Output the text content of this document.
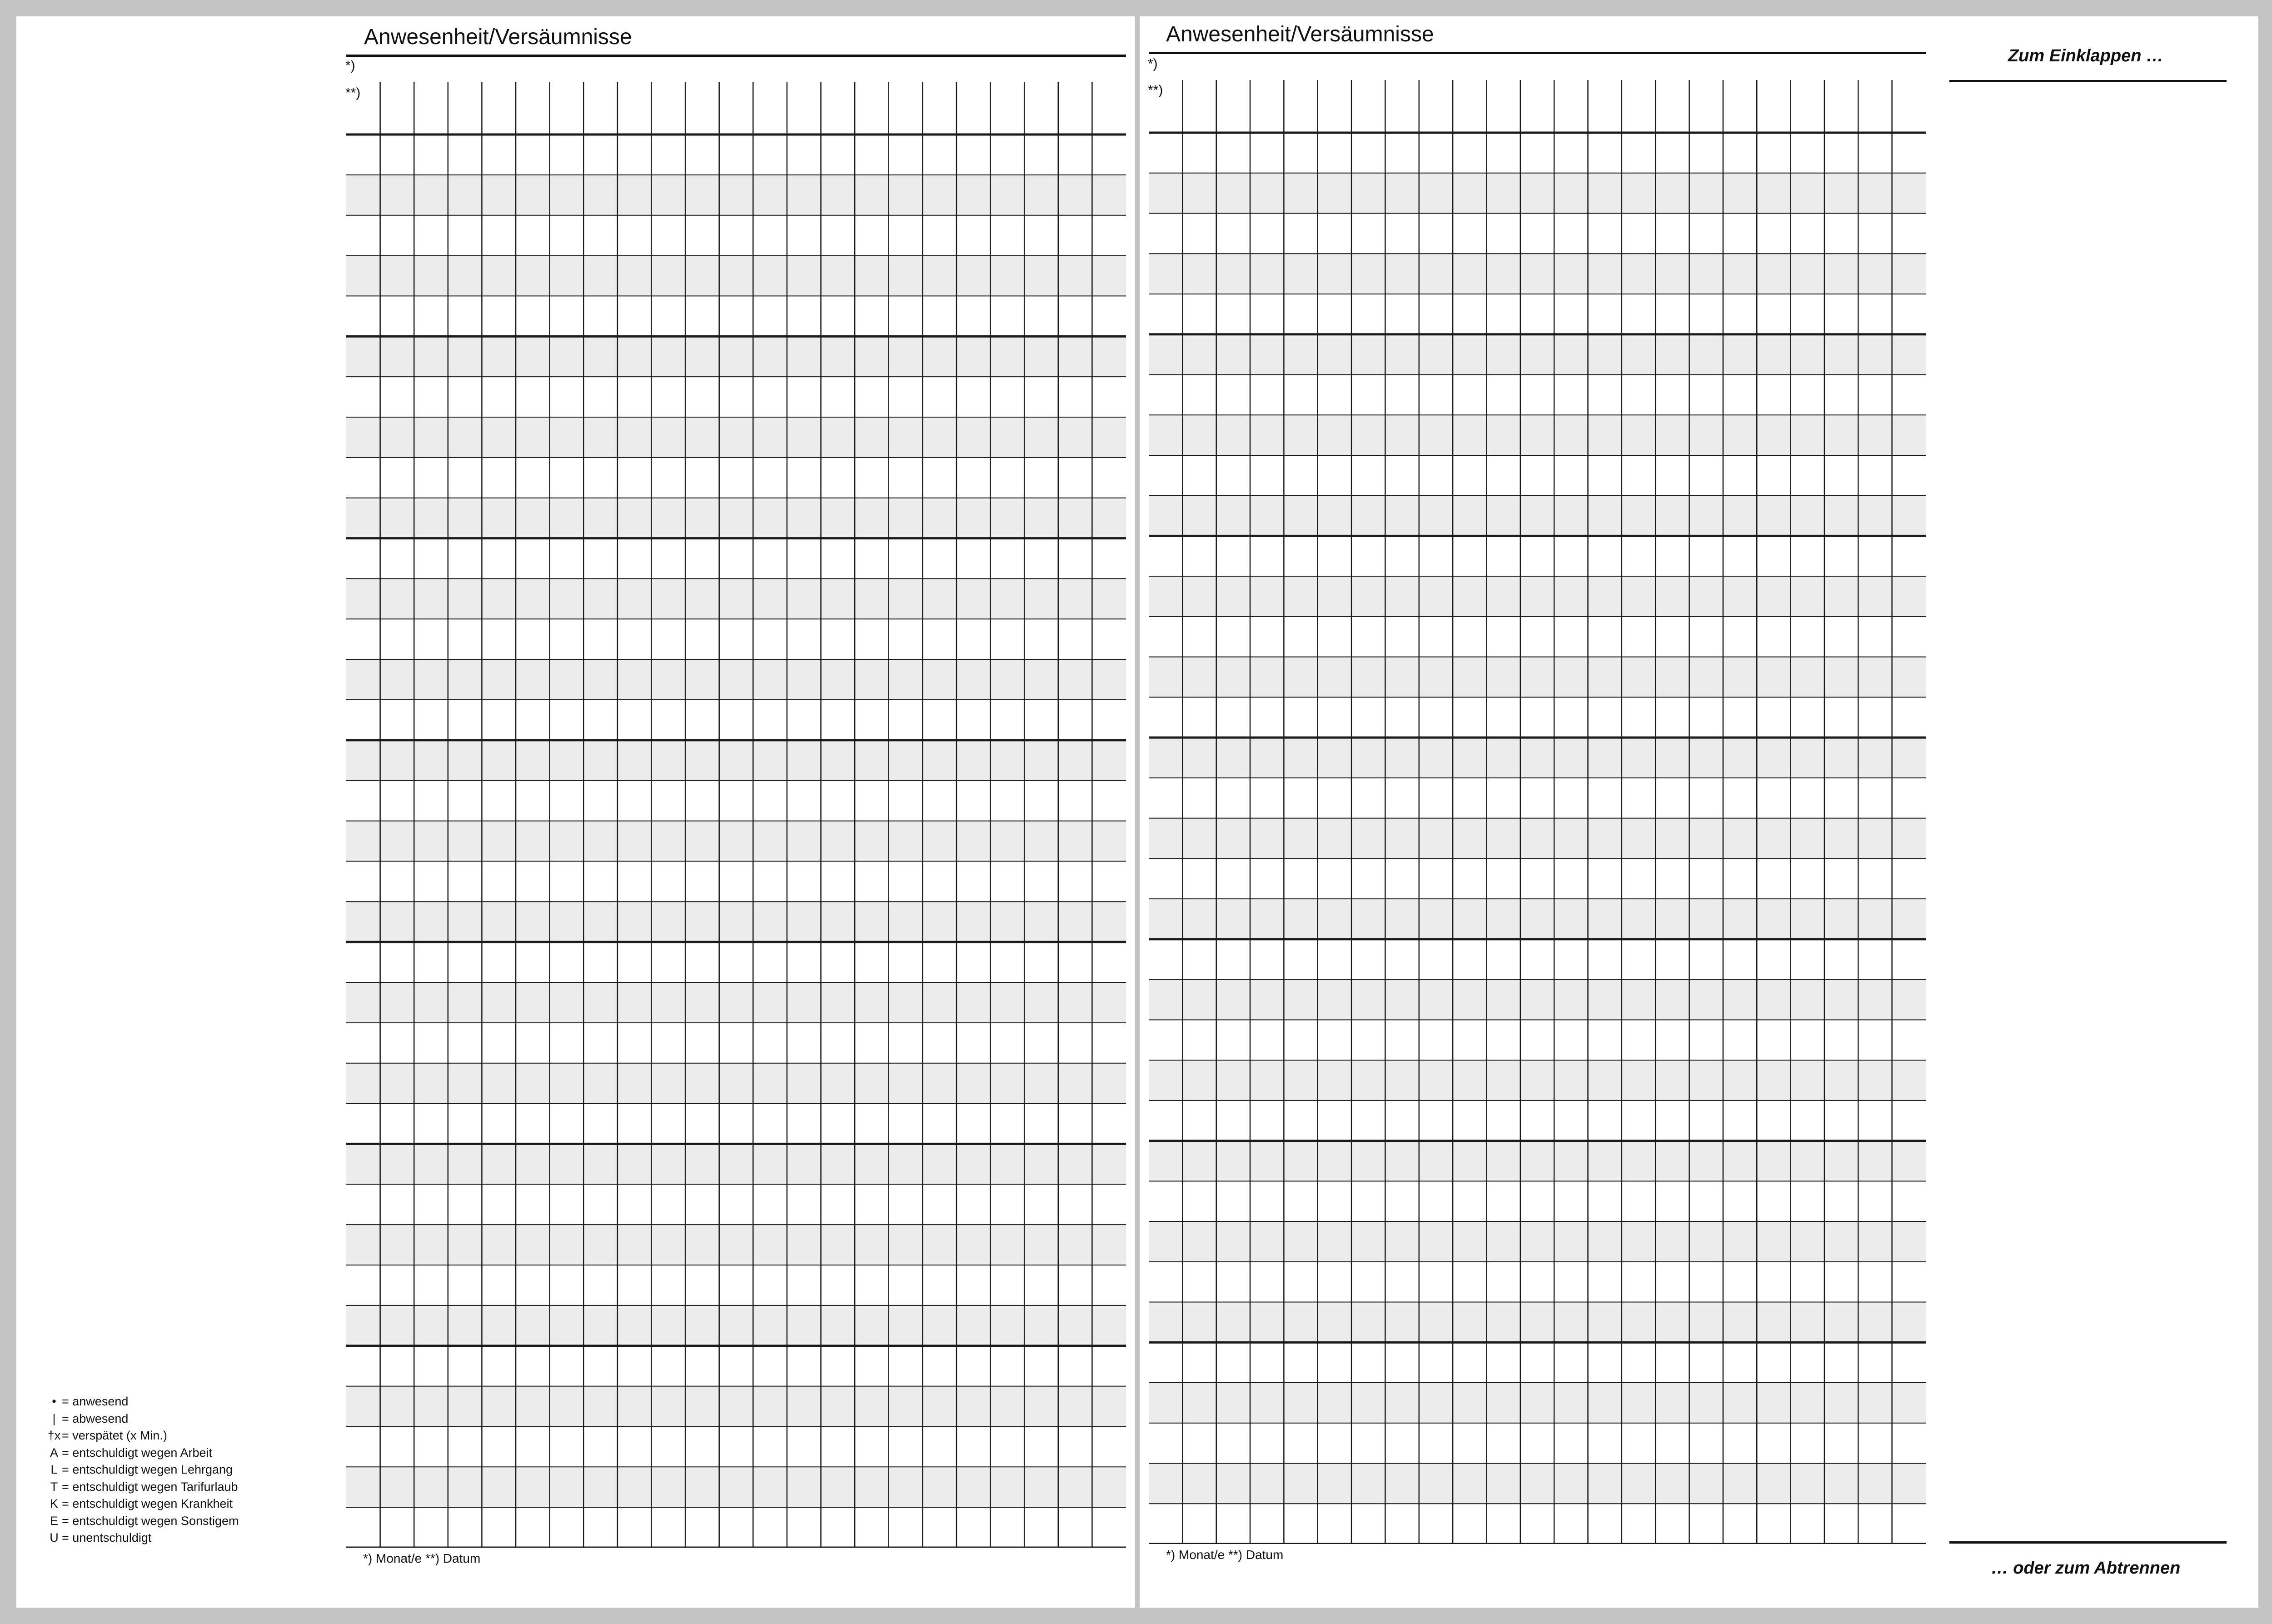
Anwesenheit/Versäumnisse
*)
**)
*) Monat/e **) Datum
• = anwesend
| = abwesend
†x = verspätet (x Min.)
A = entschuldigt wegen Arbeit
L = entschuldigt wegen Lehrgang
T = entschuldigt wegen Tarifurlaub
K = entschuldigt wegen Krankheit
E = entschuldigt wegen Sonstigem
U = unentschuldigt
Anwesenheit/Versäumnisse
*)
**)
*) Monat/e **) Datum
Zum Einklappen …
… oder zum Abtrennen
